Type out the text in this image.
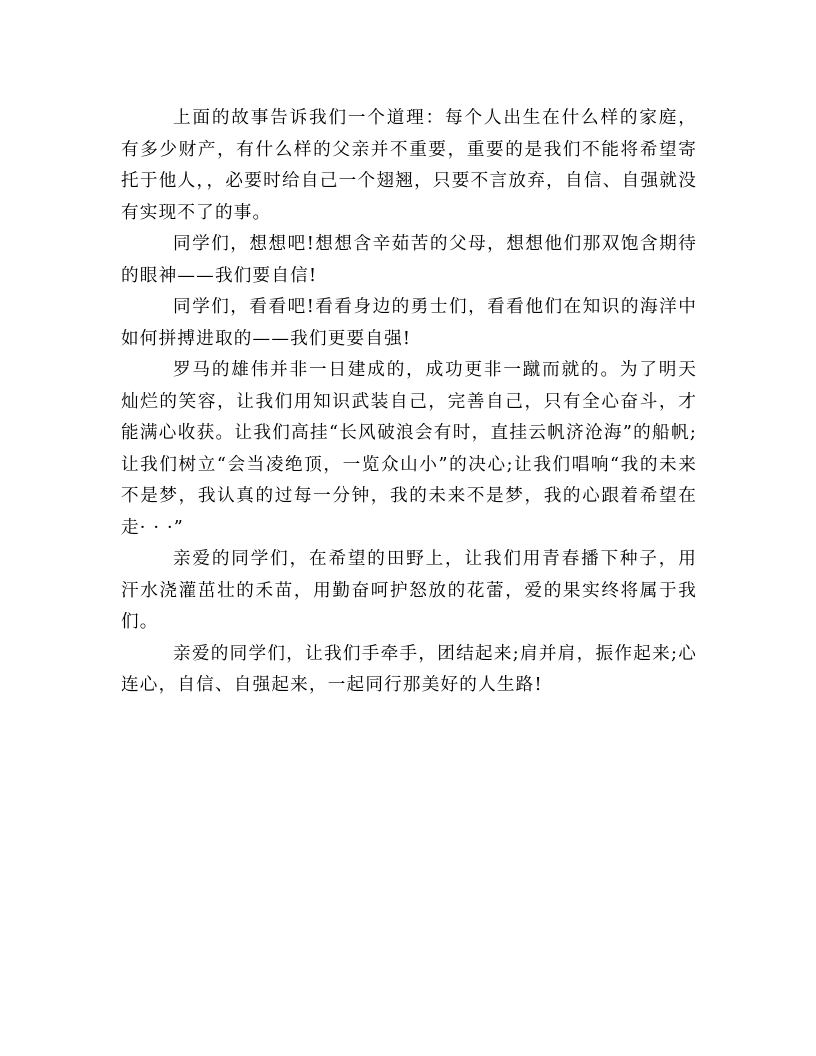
上面的故事告诉我们一个道理：每个人出生在什么样的家庭，有多少财产，有什么样的父亲并不重要，重要的是我们不能将希望寄托于他人，，必要时给自己一个翅翘，只要不言放弃，自信、自强就没有实现不了的事。

同学们，想想吧!想想含辛茹苦的父母，想想他们那双饱含期待的眼神——我们要自信!

同学们，看看吧!看看身边的勇士们，看看他们在知识的海洋中如何拼搏进取的——我们更要自强!

罗马的雄伟并非一日建成的，成功更非一蹴而就的。为了明天灿烂的笑容，让我们用知识武装自己，完善自己，只有全心奋斗，才能满心收获。让我们高挂“长风破浪会有时，直挂云帆济沧海”的船帆;让我们树立“会当凌绝顶，一览众山小”的决心;让我们唱响“我的未来不是梦，我认真的过每一分钟，我的未来不是梦，我的心跟着希望在走· · ·”

亲爱的同学们，在希望的田野上，让我们用青春播下种子，用汗水浇灌茁壮的禾苗，用勤奋呵护怒放的花蕾，爱的果实终将属于我们。

亲爱的同学们，让我们手牵手，团结起来;肩并肩，振作起来;心连心，自信、自强起来，一起同行那美好的人生路!
